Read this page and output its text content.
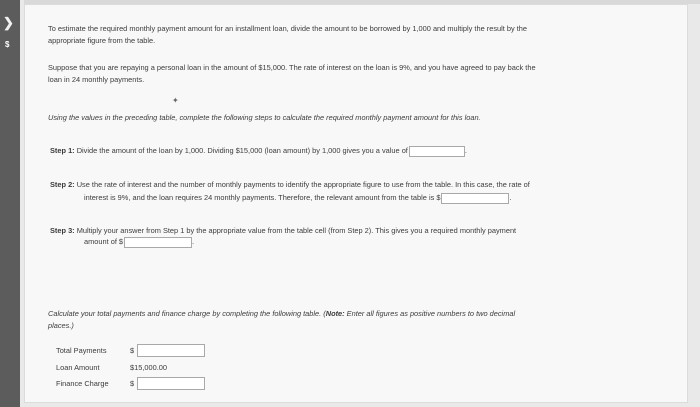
❯
$
To estimate the required monthly payment amount for an installment loan, divide the amount to be borrowed by 1,000 and multiply the result by the
appropriate figure from the table.
Suppose that you are repaying a personal loan in the amount of $15,000. The rate of interest on the loan is 9%, and you have agreed to pay back the
loan in 24 monthly payments.
✦
Using the values in the preceding table, complete the following steps to calculate the required monthly payment amount for this loan.
Step 1: Divide the amount of the loan by 1,000. Dividing $15,000 (loan amount) by 1,000 gives you a value of	.
Step 2: Use the rate of interest and the number of monthly payments to identify the appropriate figure to use from the table. In this case, the rate of
interest is 9%, and the loan requires 24 monthly payments. Therefore, the relevant amount from the table is $	.
Step 3: Multiply your answer from Step 1 by the appropriate value from the table cell (from Step 2). This gives you a required monthly payment
amount of $	.
Calculate your total payments and finance charge by completing the following table. (Note: Enter all figures as positive numbers to two decimal
places.)
Total Payments	$
Loan Amount	$15,000.00
Finance Charge	$
